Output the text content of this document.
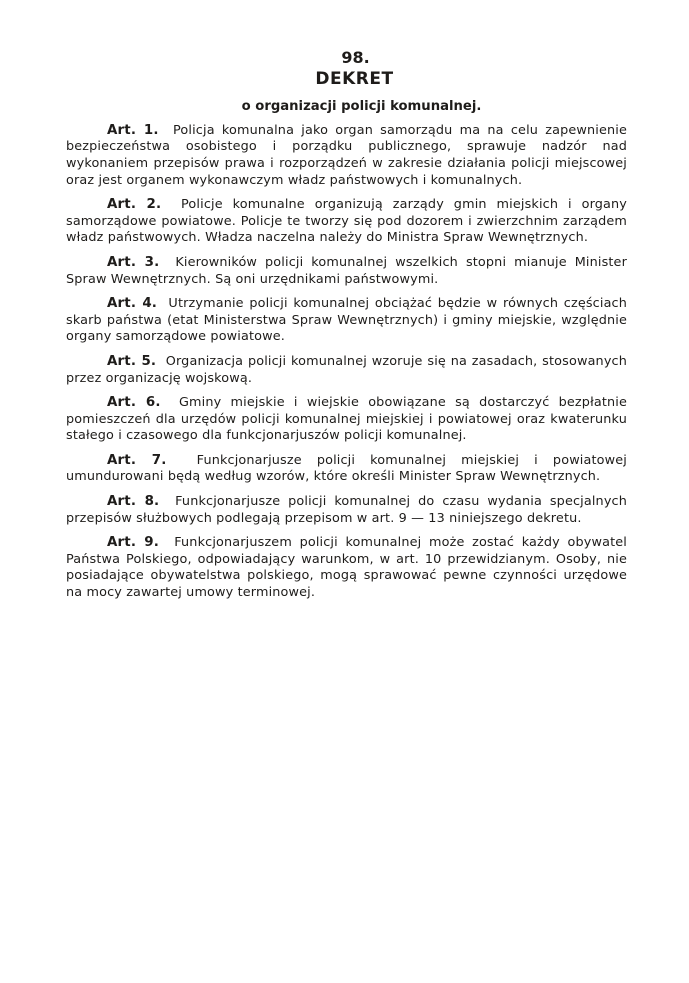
98.
DEKRET
o organizacji policji komunalnej.

Art. 1. Policja komunalna jako organ samorządu ma na celu zapewnienie bezpieczeństwa osobistego i porządku publicznego, sprawuje nadzór nad wykonaniem przepisów prawa i rozporządzeń w zakresie działania policji miejscowej oraz jest organem wykonawczym władz państwowych i komunalnych.

Art. 2. Policje komunalne organizują zarządy gmin miejskich i organy samorządowe powiatowe. Policje te tworzy się pod dozorem i zwierzchnim zarządem władz państwowych. Władza naczelna należy do Ministra Spraw Wewnętrznych.

Art. 3. Kierowników policji komunalnej wszelkich stopni mianuje Minister Spraw Wewnętrznych. Są oni urzędnikami państwowymi.

Art. 4. Utrzymanie policji komunalnej obciążać będzie w równych częściach skarb państwa (etat Ministerstwa Spraw Wewnętrznych) i gminy miejskie, względnie organy samorządowe powiatowe.

Art. 5. Organizacja policji komunalnej wzoruje się na zasadach, stosowanych przez organizację wojskową.

Art. 6. Gminy miejskie i wiejskie obowiązane są dostarczyć bezpłatnie pomieszczeń dla urzędów policji komunalnej miejskiej i powiatowej oraz kwaterunku stałego i czasowego dla funkcjonarjuszów policji komunalnej.

Art. 7. Funkcjonarjusze policji komunalnej miejskiej i powiatowej umundurowani będą według wzorów, które określi Minister Spraw Wewnętrznych.

Art. 8. Funkcjonarjusze policji komunalnej do czasu wydania specjalnych przepisów służbowych podlegają przepisom w art. 9 — 13 niniejszego dekretu.

Art. 9. Funkcjonarjuszem policji komunalnej może zostać każdy obywatel Państwa Polskiego, odpowiadający warunkom, w art. 10 przewidzianym. Osoby, nie posiadające obywatelstwa polskiego, mogą sprawować pewne czynności urzędowe na mocy zawartej umowy terminowej.
